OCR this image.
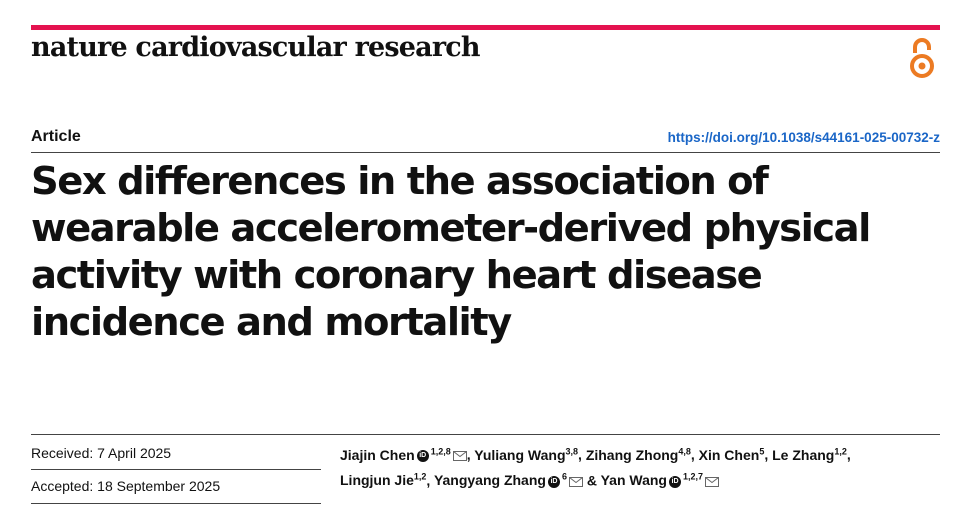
nature cardiovascular research
Article	https://doi.org/10.1038/s44161-025-00732-z
Sex differences in the association of wearable accelerometer-derived physical activity with coronary heart disease incidence and mortality
Received: 7 April 2025
Accepted: 18 September 2025
Jiajin Chen iD $^{1,2,8}$ , Yuliang Wang$^{3,8}$, Zihang Zhong$^{4,8}$, Xin Chen$^5$, Le Zhang$^{1,2}$, Lingjun Jie$^{1,2}$, Yangyang Zhang iD $^6$ & Yan Wang iD $^{1,2,7}$
